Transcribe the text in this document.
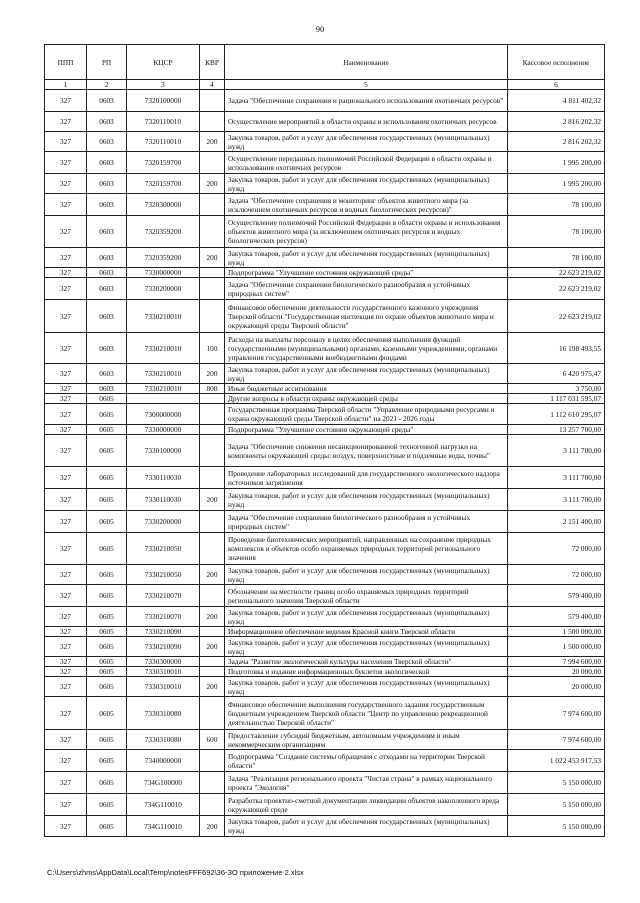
90
ППП	РП	КЦСР	КВР	Наименование	Кассовое исполнение
1	2	3	4	5	6
327	0603	7320100000		Задача "Обеспечение сохранения и рационального использования охотничьих ресурсов"	4 811 402,32
327	0603	7320110010		Осуществление мероприятий в области охраны и использования охотничьих ресурсов	2 816 202,32
327	0603	7320110010	200	Закупка товаров, работ и услуг для обеспечения государственных (муниципальных) нужд	2 816 202,32
327	0603	7320159700		Осуществление переданных полномочий Российской Федерации в области охраны и использования охотничьих ресурсов	1 995 200,00
327	0603	7320159700	200	Закупка товаров, работ и услуг для обеспечения государственных (муниципальных) нужд	1 995 200,00
327	0603	7320300000		Задача "Обеспечение сохранения и мониторинг объектов животного мира (за исключением охотничьих ресурсов и водных биологических ресурсов)"	78 100,00
327	0603	7320359200		Осуществление полномочий Российской Федерации в области охраны и использования объектов животного мира (за исключением охотничьих ресурсов и водных биологических ресурсов)	78 100,00
327	0603	7320359200	200	Закупка товаров, работ и услуг для обеспечения государственных (муниципальных) нужд	78 100,00
327	0603	7330000000		Подпрограмма "Улучшение состояния окружающей среды"	22 623 219,02
327	0603	7330200000		Задача "Обеспечение сохранения биологического разнообразия и устойчивых природных систем"	22 623 219,02
327	0603	7330210010		Финансовое обеспечение деятельности государственного казенного учреждения Тверской области "Государственная инспекция по охране объектов животного мира и окружающей среды Тверской области"	22 623 219,02
327	0603	7330210010	100	Расходы на выплаты персоналу в целях обеспечения выполнения функций государственными (муниципальными) органами, казенными учреждениями, органами управления государственными внебюджетными фондами	16 198 493,55
327	0603	7330210010	200	Закупка товаров, работ и услуг для обеспечения государственных (муниципальных) нужд	6 420 975,47
327	0603	7330210010	800	Иные бюджетные ассигнования	3 750,00
327	0605			Другие вопросы в области охраны окружающей среды	1 117 031 595,07
327	0605	7300000000		Государственная программа Тверской области "Управление природными ресурсами и охрана окружающей среды Тверской области" на 2021 - 2026 годы	1 112 610 295,07
327	0605	7330000000		Подпрограмма "Улучшение состояния окружающей среды"	13 257 700,00
327	0605	7330100000		Задача "Обеспечение снижения несанкционированной техногенной нагрузки на компоненты окружающей среды: воздух, поверхностные и подземные воды, почвы"	3 111 700,00
327	0605	7330110030		Проведение лабораторных исследований для государственного экологического надзора источников загрязнения	3 111 700,00
327	0605	7330110030	200	Закупка товаров, работ и услуг для обеспечения государственных (муниципальных) нужд	3 111 700,00
327	0605	7330200000		Задача "Обеспечение сохранения биологического разнообразия и устойчивых природных систем"	2 151 400,00
327	0605	7330210050		Проведение биотехнических мероприятий, направленных на сохранение природных комплексов и объектов особо охраняемых природных территорий регионального значения	72 000,00
327	0605	7330210050	200	Закупка товаров, работ и услуг для обеспечения государственных (муниципальных) нужд	72 000,00
327	0605	7330210070		Обозначение на местности границ особо охраняемых природных территорий регионального значения Тверской области	579 400,00
327	0605	7330210070	200	Закупка товаров, работ и услуг для обеспечения государственных (муниципальных) нужд	579 400,00
327	0605	7330210090		Информационное обеспечение ведения Красной книги Тверской области	1 500 000,00
327	0605	7330210090	200	Закупка товаров, работ и услуг для обеспечения государственных (муниципальных) нужд	1 500 000,00
327	0605	7330300000		Задача "Развитие экологической культуры населения Тверской области"	7 994 600,00
327	0605	7330310010		Подготовка и издание информационных буклетов экологической	20 000,00
327	0605	7330310010	200	Закупка товаров, работ и услуг для обеспечения государственных (муниципальных) нужд	20 000,00
327	0605	7330310080		Финансовое обеспечение выполнения государственного задания государственным бюджетным учреждением Тверской области "Центр по управлению рекреационной деятельностью Тверской области"	7 974 600,00
327	0605	7330310080	600	Предоставление субсидий бюджетным, автономным учреждениям и иным некоммерческим организациям	7 974 600,00
327	0605	7340000000		Подпрограмма "Создание системы обращения с отходами на территории Тверской области"	1 022 453 917,53
327	0605	734G100000		Задача "Реализация регионального проекта "Чистая страна" в рамках национального проекта "Экология"	5 150 000,00
327	0605	734G110010		Разработка проектно-сметной документации ликвидации объектов накопленного вреда окружающей среде	5 150 000,00
327	0605	734G110010	200	Закупка товаров, работ и услуг для обеспечения государственных (муниципальных) нужд	5 150 000,00
C:\Users\zhms\AppData\Local\Temp\notesFFF692\36-ЗО приложение 2.xlsx
